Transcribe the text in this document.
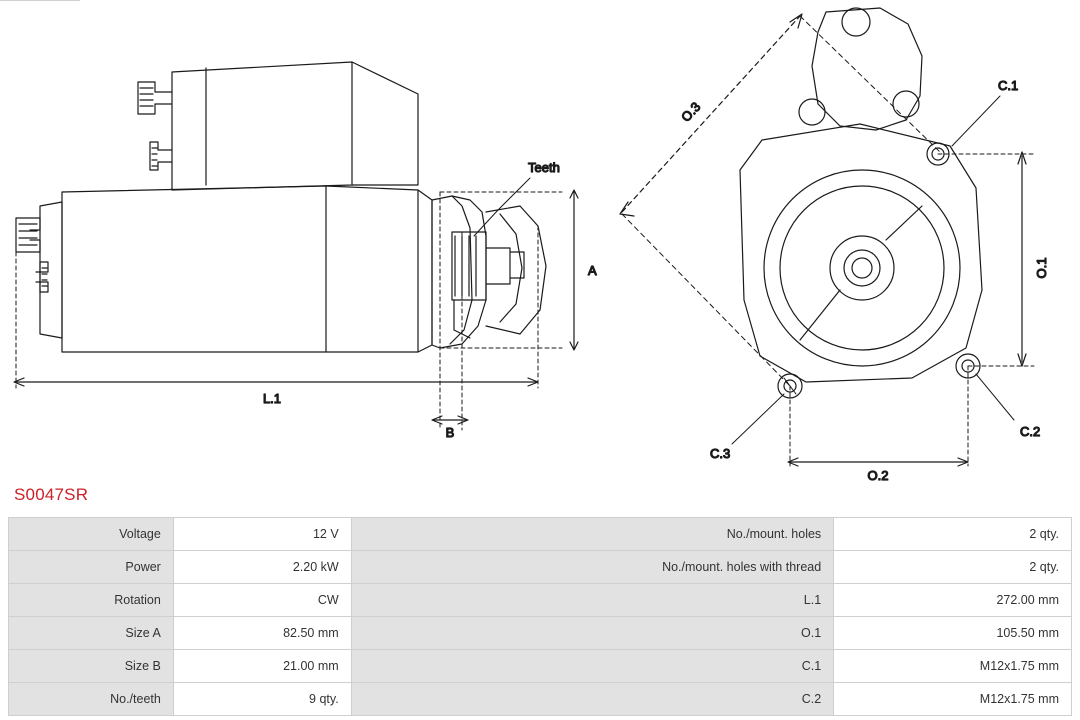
Teeth
A
L.1
B
O.3
O.1
O.2
C.1
C.2
C.3
S0047SR
Voltage	12 V	No./mount. holes	2 qty.
Power	2.20 kW	No./mount. holes with thread	2 qty.
Rotation	CW	L.1	272.00 mm
Size A	82.50 mm	O.1	105.50 mm
Size B	21.00 mm	C.1	M12x1.75 mm
No./teeth	9 qty.	C.2	M12x1.75 mm
